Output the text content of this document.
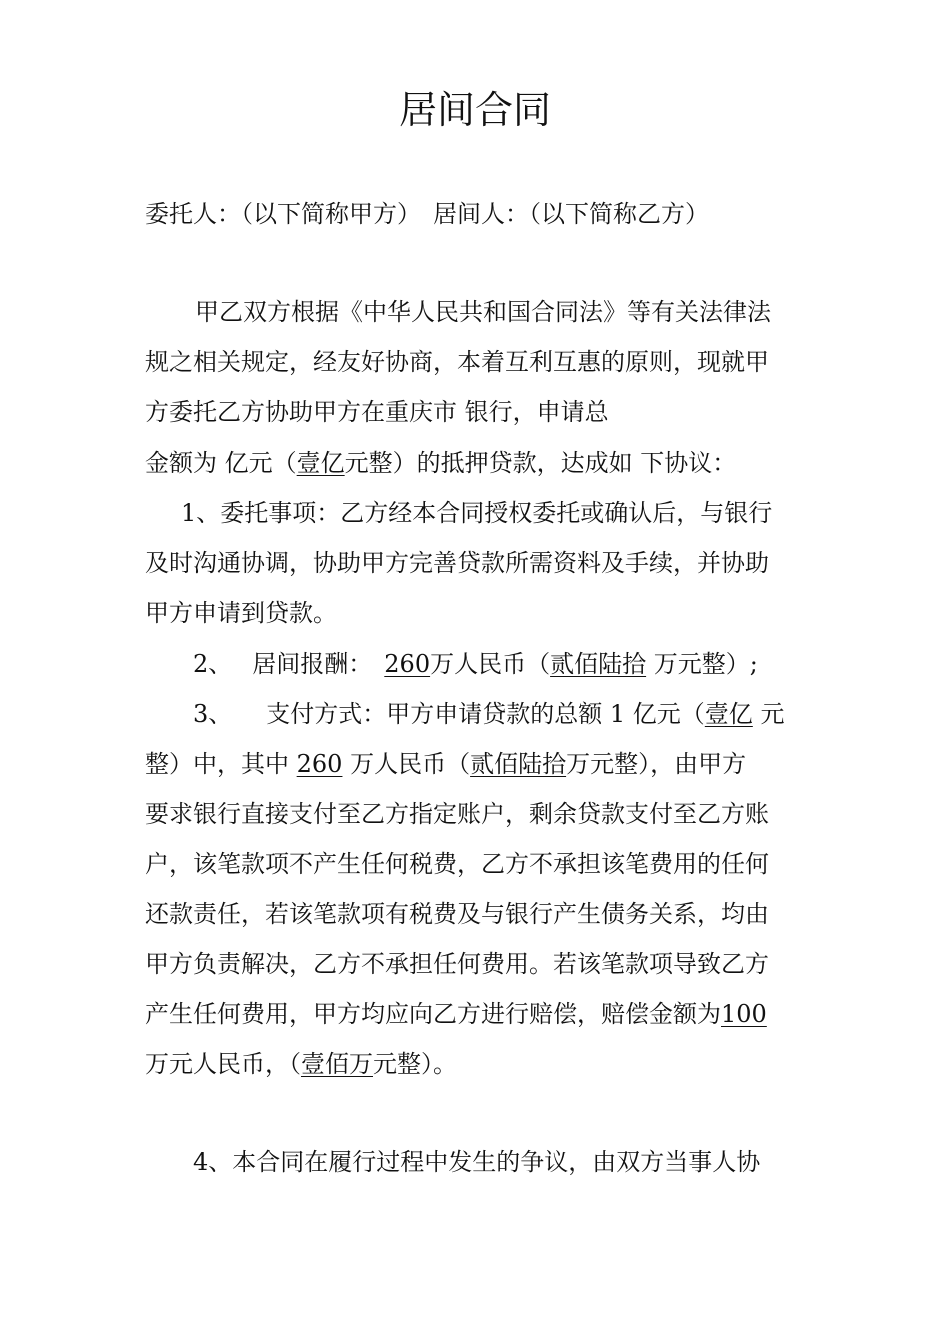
居间合同
委托人：（以下简称甲方） 居间人：（以下简称乙方）
甲乙双方根据《中华人民共和国合同法》等有关法律法
规之相关规定，经友好协商，本着互利互惠的原则，现就甲
方委托乙方协助甲方在重庆市 银行，申请总
金额为 亿元（壹亿元整）的抵押贷款，达成如 下协议：
1、委托事项：乙方经本合同授权委托或确认后，与银行
及时沟通协调，协助甲方完善贷款所需资料及手续，并协助
甲方申请到贷款。
2、 居间报酬： 260万人民币（贰佰陆拾 万元整）;
3、 支付方式：甲方申请贷款的总额 1 亿元（壹亿 元
整）中，其中 260 万人民币（贰佰陆拾万元整），由甲方
要求银行直接支付至乙方指定账户，剩余贷款支付至乙方账
户，该笔款项不产生任何税费，乙方不承担该笔费用的任何
还款责任，若该笔款项有税费及与银行产生债务关系，均由
甲方负责解决，乙方不承担任何费用。若该笔款项导致乙方
产生任何费用，甲方均应向乙方进行赔偿，赔偿金额为100
万元人民币，（壹佰万元整）。
4、本合同在履行过程中发生的争议，由双方当事人协
